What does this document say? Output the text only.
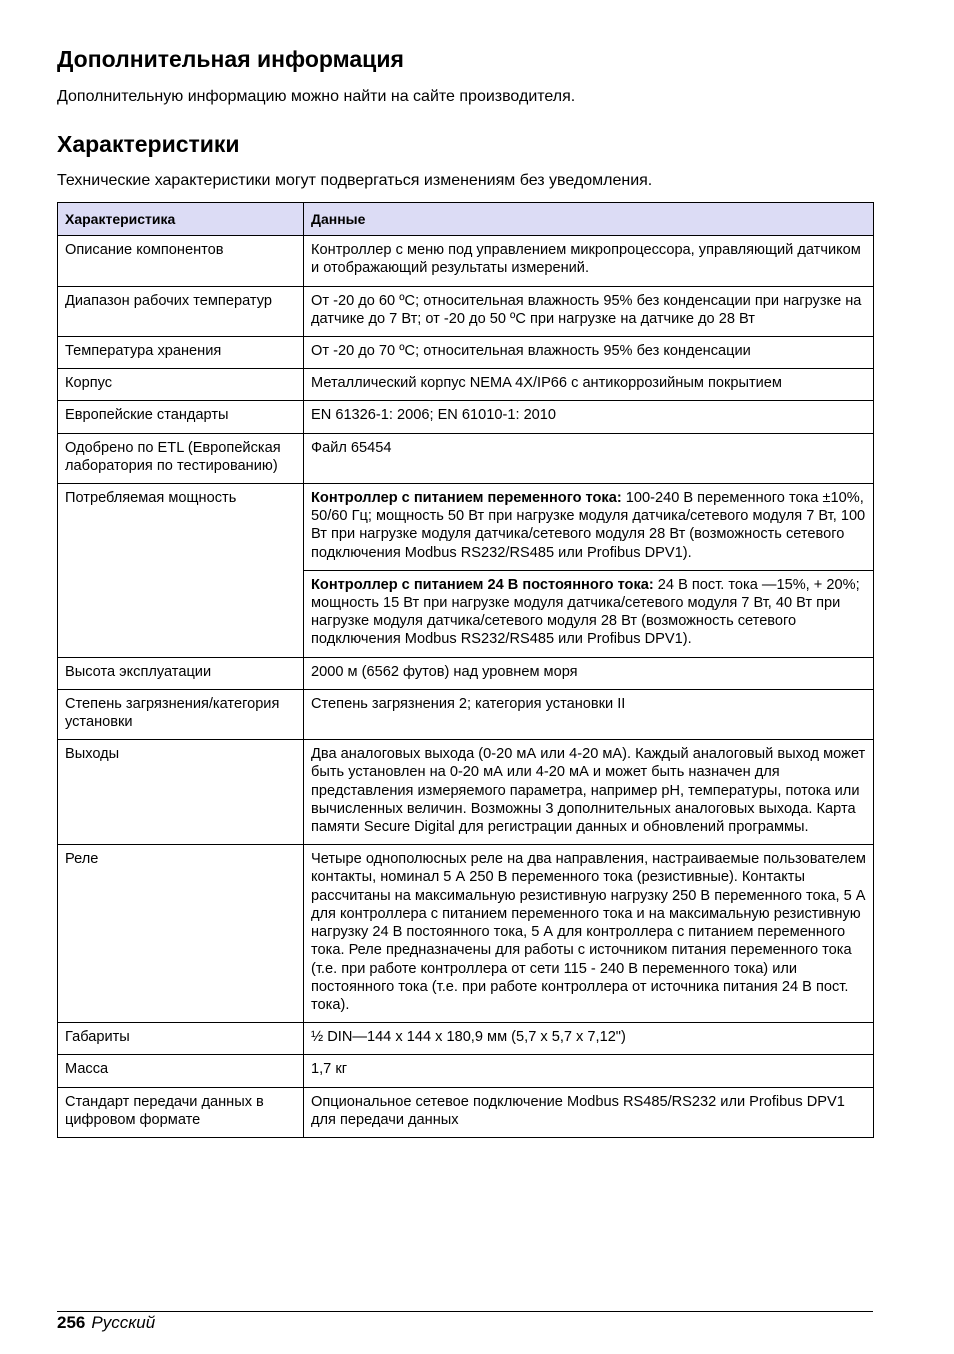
Дополнительная информация

Дополнительную информацию можно найти на сайте производителя.

Характеристики

Технические характеристики могут подвергаться изменениям без уведомления.

Характеристика	Данные
Описание компонентов	Контроллер с меню под управлением микропроцессора, управляющий датчиком и отображающий результаты измерений.
Диапазон рабочих температур	От -20 до 60 ºC; относительная влажность 95% без конденсации при нагрузке на датчике до 7 Вт; от -20 до 50 ºC при нагрузке на датчике до 28 Вт
Температура хранения	От -20 до 70 ºC; относительная влажность 95% без конденсации
Корпус	Металлический корпус NEMA 4X/IP66 с антикоррозийным покрытием
Европейские стандарты	EN 61326-1: 2006; EN 61010-1: 2010
Одобрено по ETL (Европейская лаборатория по тестированию)	Файл 65454
Потребляемая мощность	Контроллер с питанием переменного тока: 100-240 В переменного тока ±10%, 50/60 Гц; мощность 50 Вт при нагрузке модуля датчика/сетевого модуля 7 Вт, 100 Вт при нагрузке модуля датчика/сетевого модуля 28 Вт (возможность сетевого подключения Modbus RS232/RS485 или Profibus DPV1).
	Контроллер с питанием 24 В постоянного тока: 24 В пост. тока —15%, + 20%; мощность 15 Вт при нагрузке модуля датчика/сетевого модуля 7 Вт, 40 Вт при нагрузке модуля датчика/сетевого модуля 28 Вт (возможность сетевого подключения Modbus RS232/RS485 или Profibus DPV1).
Высота эксплуатации	2000 м (6562 футов) над уровнем моря
Степень загрязнения/категория установки	Степень загрязнения 2; категория установки II
Выходы	Два аналоговых выхода (0-20 мА или 4-20 мА). Каждый аналоговый выход может быть установлен на 0-20 мА или 4-20 мА и может быть назначен для представления измеряемого параметра, например pH, температуры, потока или вычисленных величин. Возможны 3 дополнительных аналоговых выхода. Карта памяти Secure Digital для регистрации данных и обновлений программы.
Реле	Четыре однополюсных реле на два направления, настраиваемые пользователем контакты, номинал 5 А 250 В переменного тока (резистивные). Контакты рассчитаны на максимальную резистивную нагрузку 250 В переменного тока, 5 А для контроллера с питанием переменного тока и на максимальную резистивную нагрузку 24 В постоянного тока, 5 А для контроллера с питанием переменного тока. Реле предназначены для работы с источником питания переменного тока (т.е. при работе контроллера от сети 115 - 240 В переменного тока) или постоянного тока (т.е. при работе контроллера от источника питания 24 В пост. тока).
Габариты	½ DIN—144 x 144 x 180,9 мм (5,7 x 5,7 x 7,12")
Масса	1,7 кг
Стандарт передачи данных в цифровом формате	Опциональное сетевое подключение Modbus RS485/RS232 или Profibus DPV1 для передачи данных
256 Русский
